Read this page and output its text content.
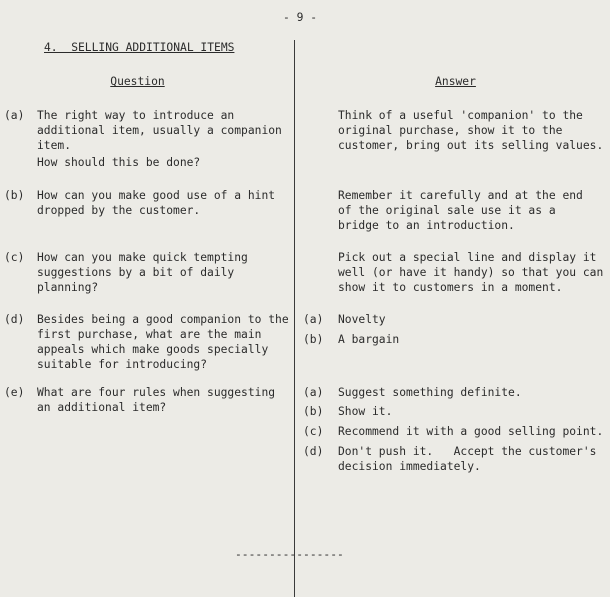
- 9 -
4.  SELLING ADDITIONAL ITEMS
Question	Answer
(a) The right way to introduce an
additional item, usually a companion
item.
How should this be done?
Think of a useful 'companion' to the
original purchase, show it to the
customer, bring out its selling values.
(b) How can you make good use of a hint
dropped by the customer.
Remember it carefully and at the end
of the original sale use it as a
bridge to an introduction.
(c) How can you make quick tempting
suggestions by a bit of daily
planning?
Pick out a special line and display it
well (or have it handy) so that you can
show it to customers in a moment.
(d) Besides being a good companion to the
first purchase, what are the main
appeals which make goods specially
suitable for introducing?
(a) Novelty
(b) A bargain
(e) What are four rules when suggesting
an additional item?
(a) Suggest something definite.
(b) Show it.
(c) Recommend it with a good selling point.
(d) Don't push it.   Accept the customer's
decision immediately.
----------------
